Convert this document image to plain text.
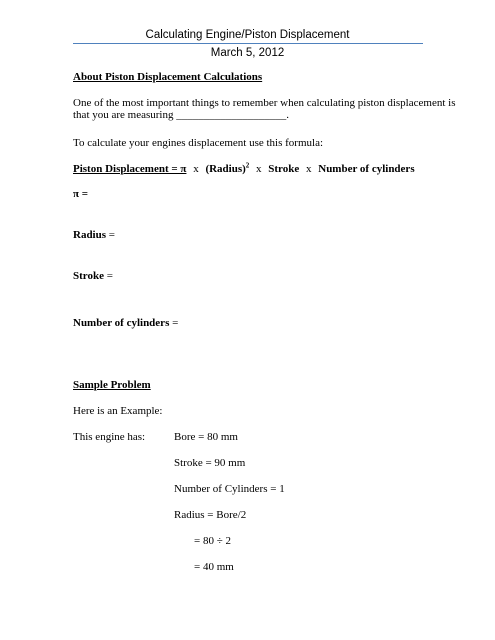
Calculating Engine/Piston Displacement
March 5, 2012
About Piston Displacement Calculations
One of the most important things to remember when calculating piston displacement is
that you are measuring ____________________.
To calculate your engines displacement use this formula:
Piston Displacement = π x (Radius)$^2$ x Stroke x Number of cylinders
π =
Radius =
Stroke =
Number of cylinders =
Sample Problem
Here is an Example:
This engine has:	Bore = 80 mm
Stroke = 90 mm
Number of Cylinders = 1
Radius = Bore/2
= 80 ÷ 2
= 40 mm
